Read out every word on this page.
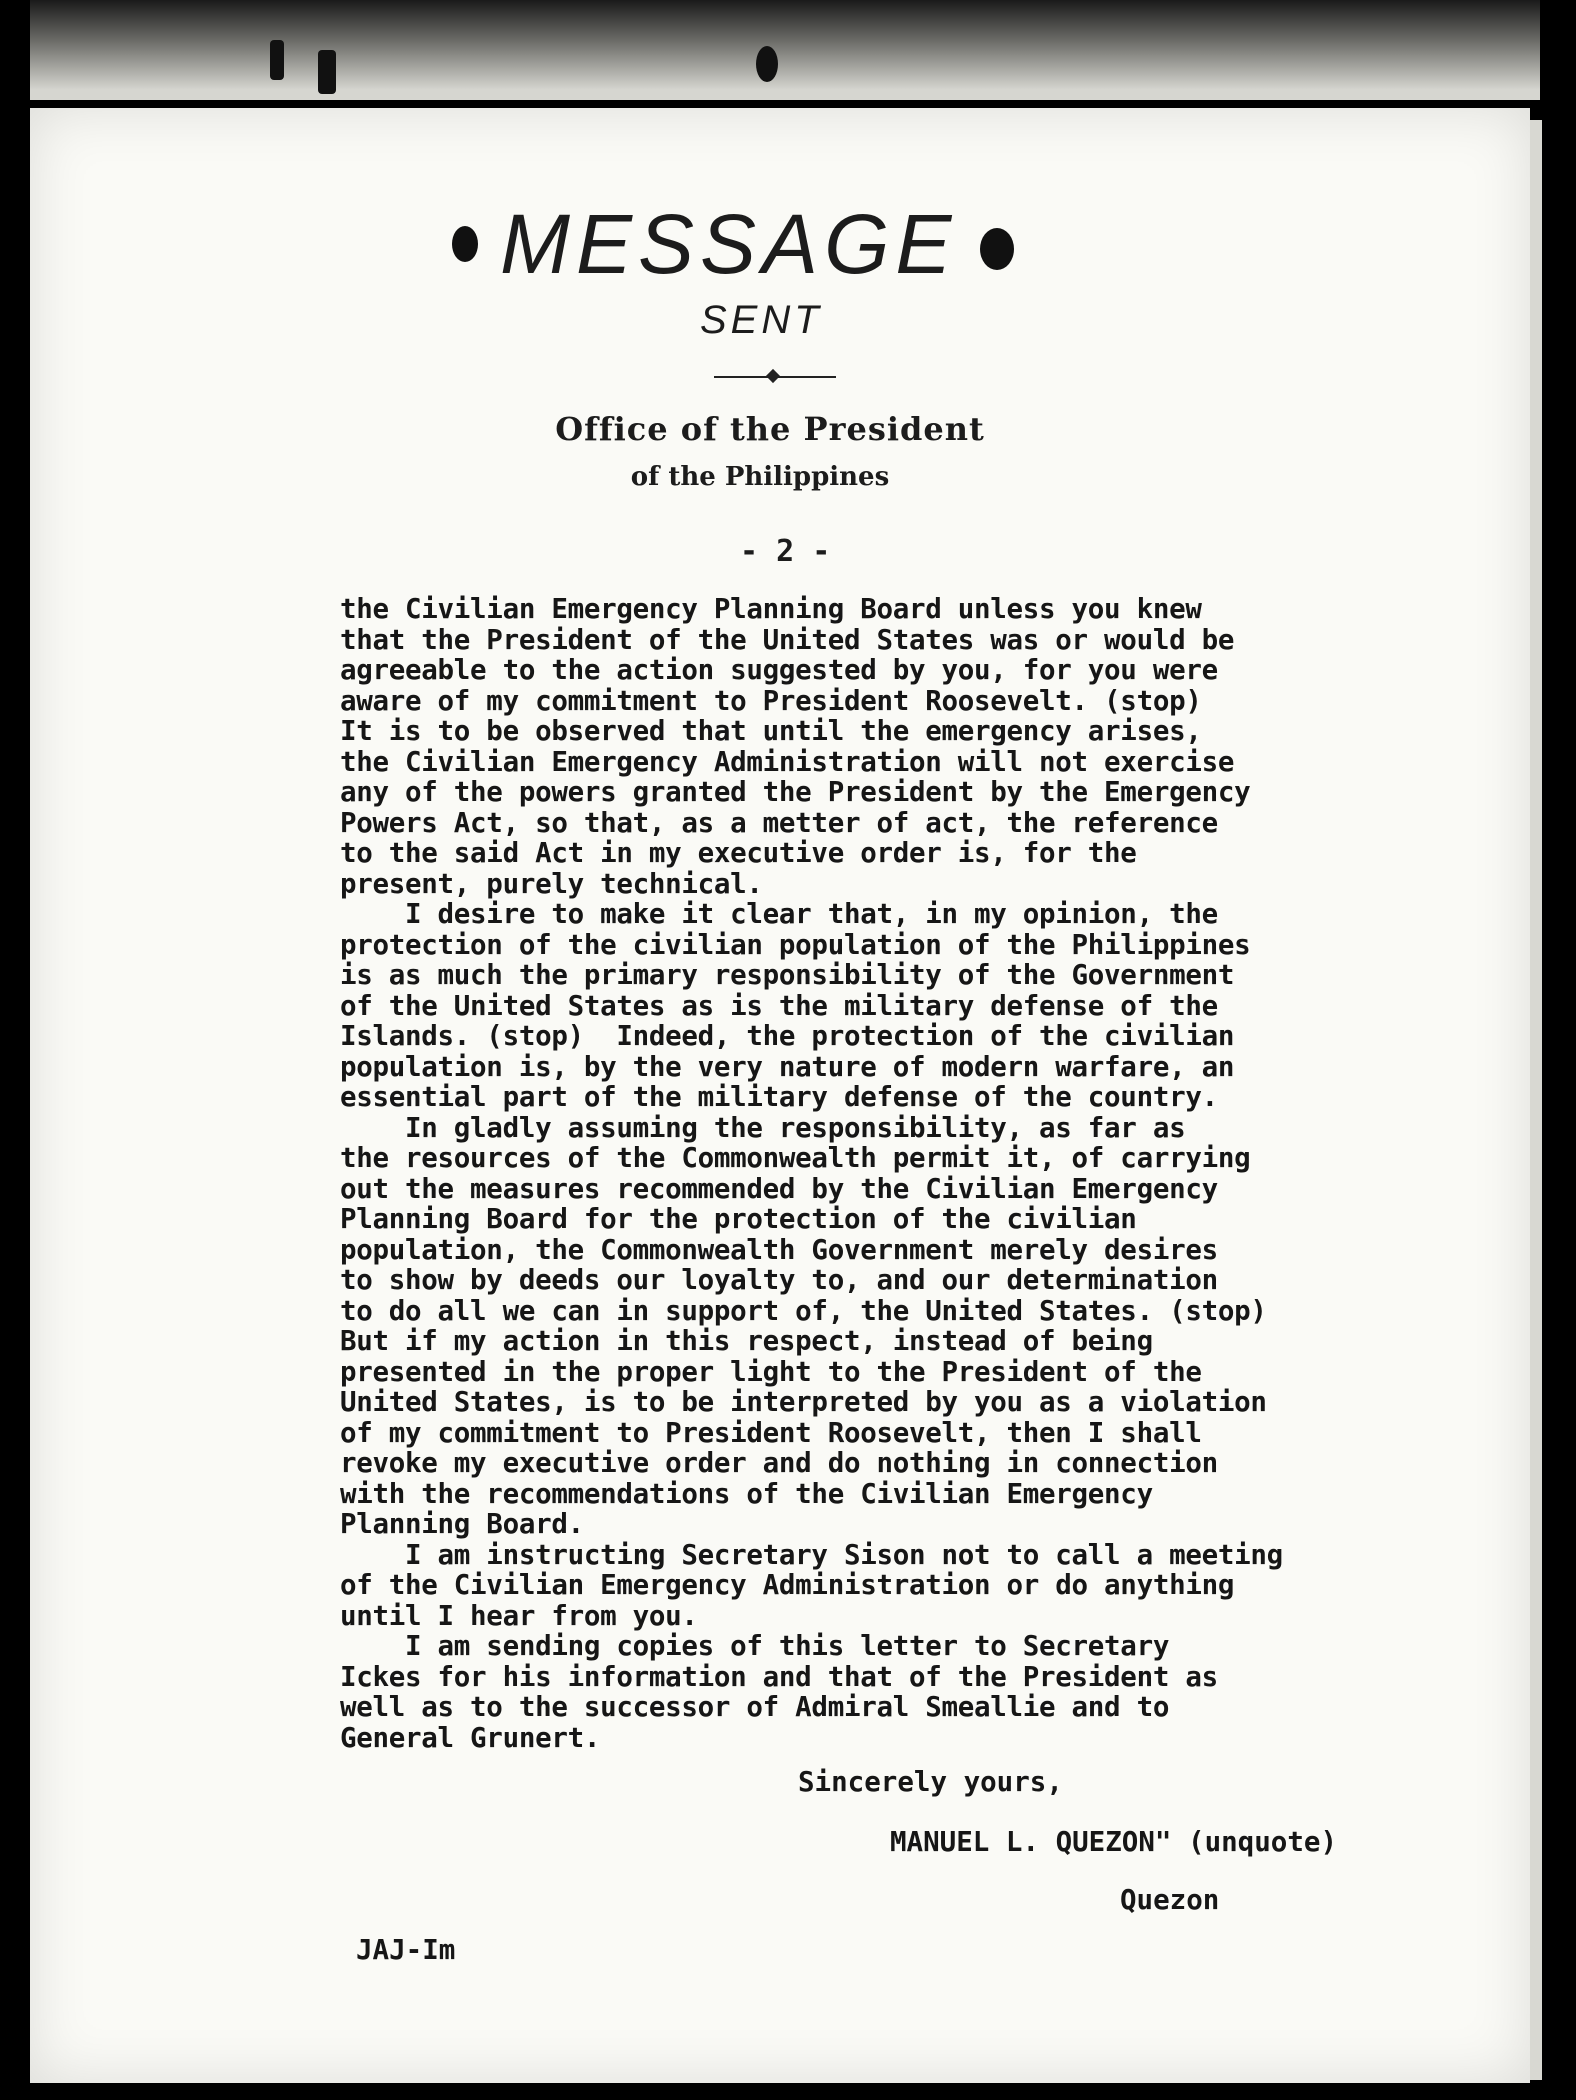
MESSAGE
SENT
Office of the President
of the Philippines
- 2 -
the Civilian Emergency Planning Board unless you knew
that the President of the United States was or would be
agreeable to the action suggested by you, for you were
aware of my commitment to President Roosevelt. (stop)
It is to be observed that until the emergency arises,
the Civilian Emergency Administration will not exercise
any of the powers granted the President by the Emergency
Powers Act, so that, as a metter of act, the reference
to the said Act in my executive order is, for the
present, purely technical.
I desire to make it clear that, in my opinion, the
protection of the civilian population of the Philippines
is as much the primary responsibility of the Government
of the United States as is the military defense of the
Islands. (stop)  Indeed, the protection of the civilian
population is, by the very nature of modern warfare, an
essential part of the military defense of the country.
In gladly assuming the responsibility, as far as
the resources of the Commonwealth permit it, of carrying
out the measures recommended by the Civilian Emergency
Planning Board for the protection of the civilian
population, the Commonwealth Government merely desires
to show by deeds our loyalty to, and our determination
to do all we can in support of, the United States. (stop)
But if my action in this respect, instead of being
presented in the proper light to the President of the
United States, is to be interpreted by you as a violation
of my commitment to President Roosevelt, then I shall
revoke my executive order and do nothing in connection
with the recommendations of the Civilian Emergency
Planning Board.
I am instructing Secretary Sison not to call a meeting
of the Civilian Emergency Administration or do anything
until I hear from you.
I am sending copies of this letter to Secretary
Ickes for his information and that of the President as
well as to the successor of Admiral Smeallie and to
General Grunert.
Sincerely yours,
MANUEL L. QUEZON" (unquote)
Quezon
JAJ-Im
